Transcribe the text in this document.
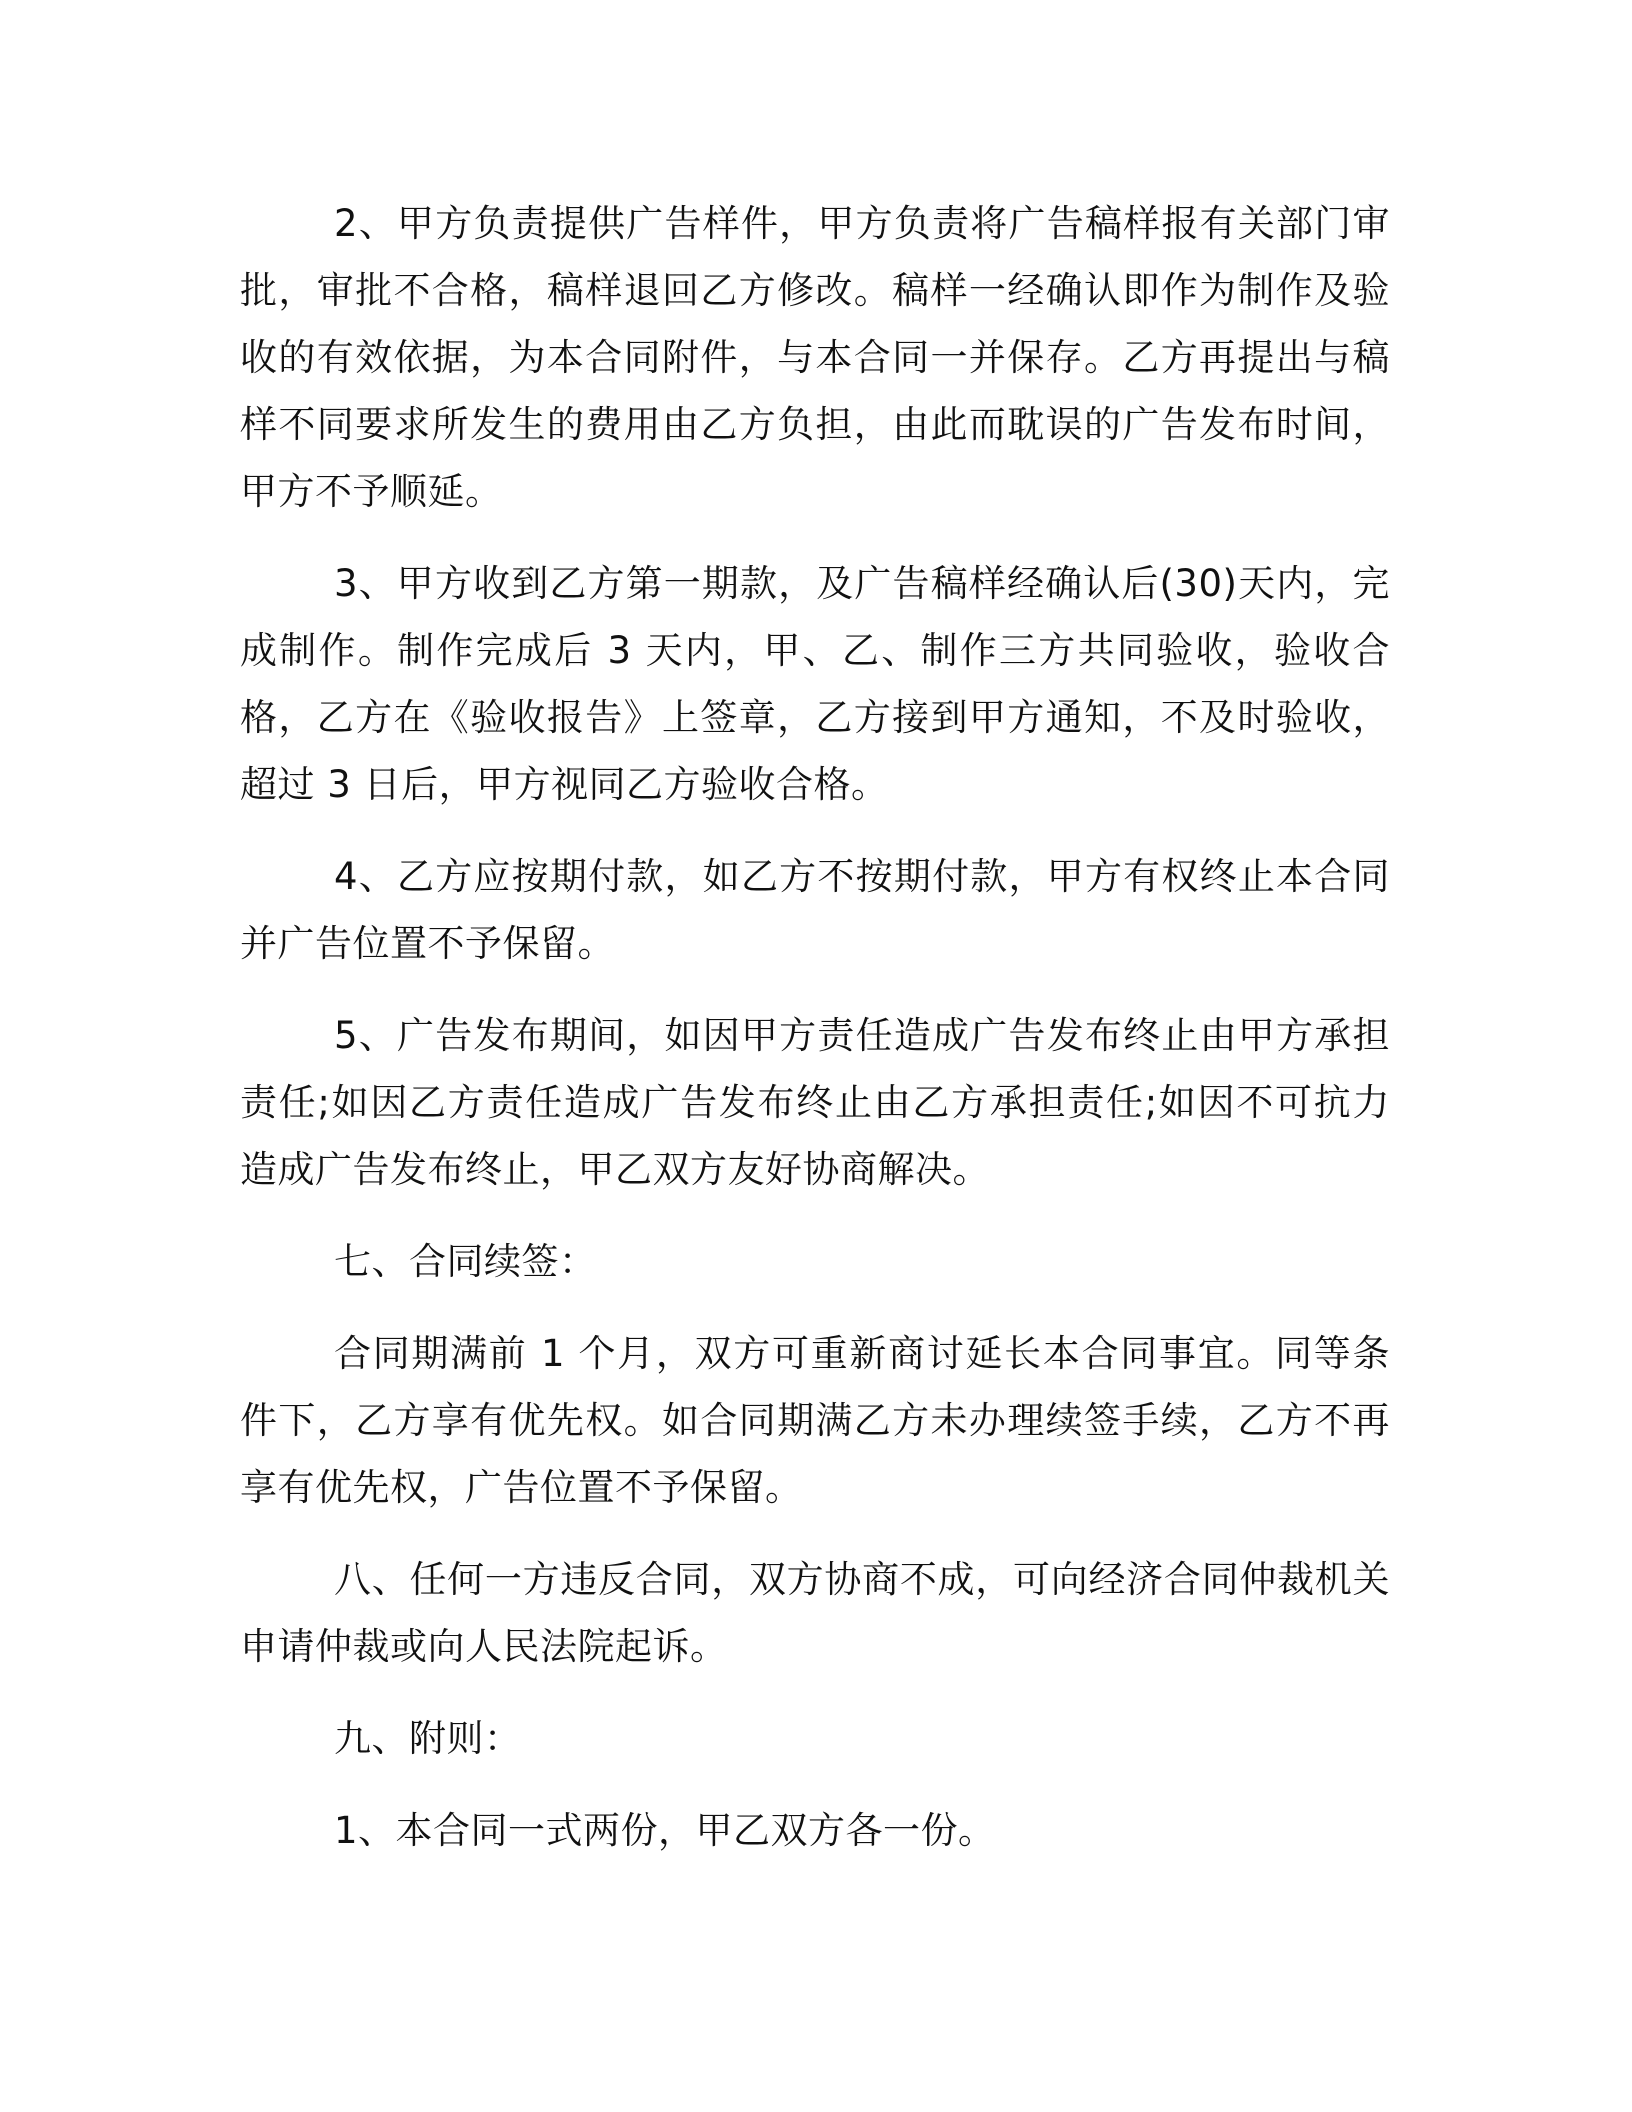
2、甲方负责提供广告样件，甲方负责将广告稿样报有关部门审批，审批不合格，稿样退回乙方修改。稿样一经确认即作为制作及验收的有效依据，为本合同附件，与本合同一并保存。乙方再提出与稿样不同要求所发生的费用由乙方负担，由此而耽误的广告发布时间，甲方不予顺延。

3、甲方收到乙方第一期款，及广告稿样经确认后(30)天内，完成制作。制作完成后 3 天内，甲、乙、制作三方共同验收，验收合格，乙方在《验收报告》上签章，乙方接到甲方通知，不及时验收，超过 3 日后，甲方视同乙方验收合格。

4、乙方应按期付款，如乙方不按期付款，甲方有权终止本合同并广告位置不予保留。

5、广告发布期间，如因甲方责任造成广告发布终止由甲方承担责任;如因乙方责任造成广告发布终止由乙方承担责任;如因不可抗力造成广告发布终止，甲乙双方友好协商解决。

七、合同续签：

合同期满前 1 个月，双方可重新商讨延长本合同事宜。同等条件下，乙方享有优先权。如合同期满乙方未办理续签手续，乙方不再享有优先权，广告位置不予保留。

八、任何一方违反合同，双方协商不成，可向经济合同仲裁机关申请仲裁或向人民法院起诉。

九、附则：

1、本合同一式两份，甲乙双方各一份。
